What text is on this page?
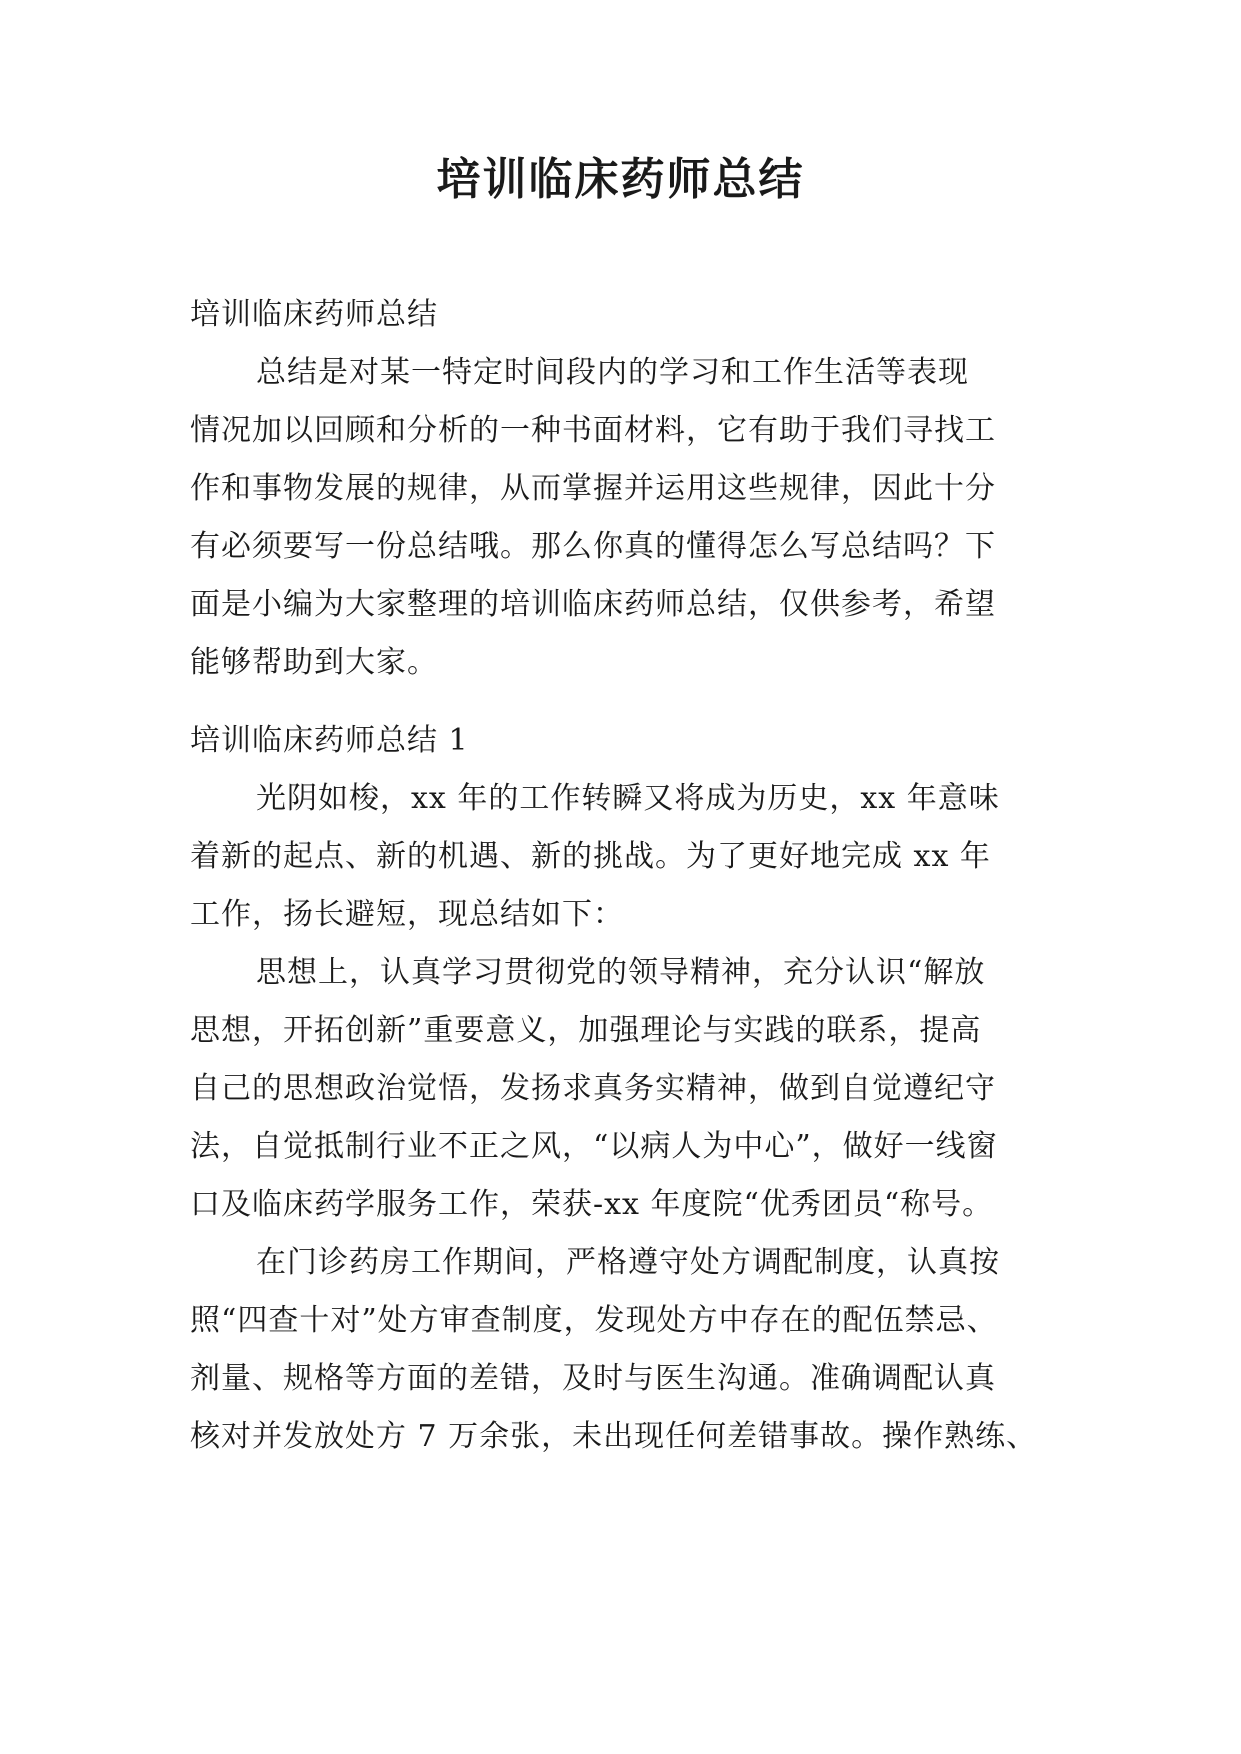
培训临床药师总结
培训临床药师总结
总结是对某一特定时间段内的学习和工作生活等表现
情况加以回顾和分析的一种书面材料，它有助于我们寻找工
作和事物发展的规律，从而掌握并运用这些规律，因此十分
有必须要写一份总结哦。那么你真的懂得怎么写总结吗？下
面是小编为大家整理的培训临床药师总结，仅供参考，希望
能够帮助到大家。
培训临床药师总结 1
光阴如梭，xx 年的工作转瞬又将成为历史，xx 年意味
着新的起点、新的机遇、新的挑战。为了更好地完成 xx 年
工作，扬长避短，现总结如下：
思想上，认真学习贯彻党的领导精神，充分认识“解放
思想，开拓创新”重要意义，加强理论与实践的联系，提高
自己的思想政治觉悟，发扬求真务实精神，做到自觉遵纪守
法，自觉抵制行业不正之风，“以病人为中心”，做好一线窗
口及临床药学服务工作，荣获-xx 年度院“优秀团员“称号。
在门诊药房工作期间，严格遵守处方调配制度，认真按
照“四查十对”处方审查制度，发现处方中存在的配伍禁忌、
剂量、规格等方面的差错，及时与医生沟通。准确调配认真
核对并发放处方 7 万余张，未出现任何差错事故。操作熟练、
